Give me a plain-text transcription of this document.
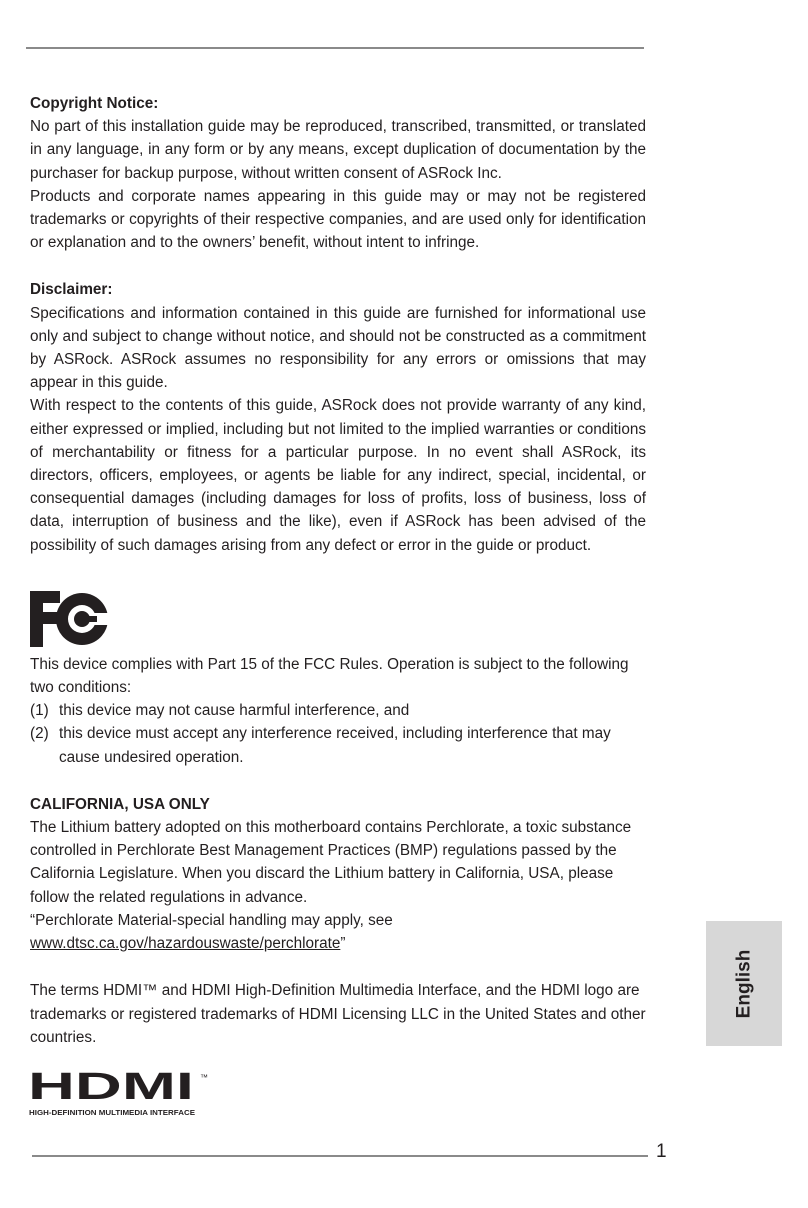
Copyright Notice:

No part of this installation guide may be reproduced, transcribed, transmitted, or translated in any language, in any form or by any means, except duplication of documentation by the purchaser for backup purpose, without written consent of ASRock Inc.

Products and corporate names appearing in this guide may or may not be registered trademarks or copyrights of their respective companies, and are used only for identification or explanation and to the owners’ benefit, without intent to infringe.

Disclaimer:

Specifications and information contained in this guide are furnished for informational use only and subject to change without notice, and should not be constructed as a commitment by ASRock. ASRock assumes no responsibility for any errors or omissions that may appear in this guide.

With respect to the contents of this guide, ASRock does not provide warranty of any kind, either expressed or implied, including but not limited to the implied warranties or conditions of merchantability or fitness for a particular purpose. In no event shall ASRock, its directors, officers, employees, or agents be liable for any indirect, special, incidental, or consequential damages (including damages for loss of profits, loss of business, loss of data, interruption of business and the like), even if ASRock has been advised of the possibility of such damages arising from any defect or error in the guide or product.

This device complies with Part 15 of the FCC Rules. Operation is subject to the following two conditions:

(1) this device may not cause harmful interference, and
(2) this device must accept any interference received, including interference that may cause undesired operation.

CALIFORNIA, USA ONLY

The Lithium battery adopted on this motherboard contains Perchlorate, a toxic substance controlled in Perchlorate Best Management Practices (BMP) regulations passed by the California Legislature. When you discard the Lithium battery in California, USA, please follow the related regulations in advance.

“Perchlorate Material-special handling may apply, see
www.dtsc.ca.gov/hazardouswaste/perchlorate”

The terms HDMI™ and HDMI High-Definition Multimedia Interface, and the HDMI logo are trademarks or registered trademarks of HDMI Licensing LLC in the United States and other countries.

HDMI ™
HIGH-DEFINITION MULTIMEDIA INTERFACE
English
1
